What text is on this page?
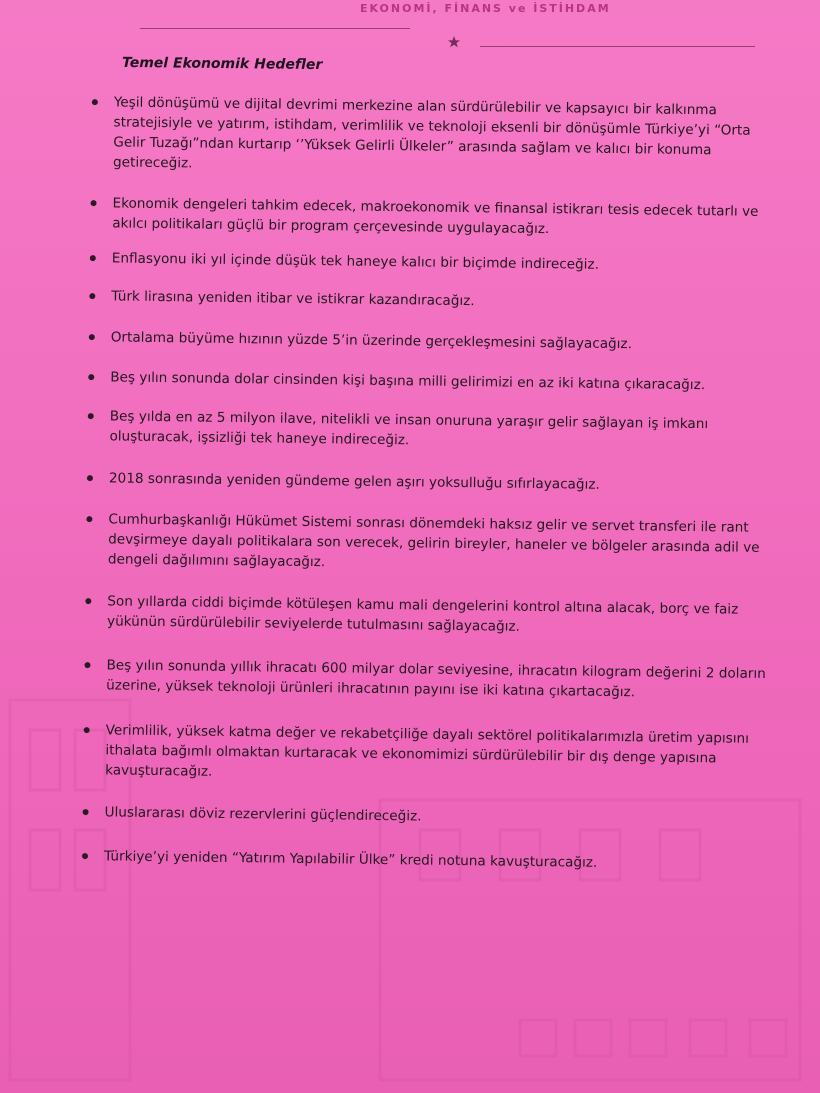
EKONOMİ, FİNANS ve İSTİHDAM
Temel Ekonomik Hedefler
Yeşil dönüşümü ve dijital devrimi merkezine alan sürdürülebilir ve kapsayıcı bir kalkınma stratejisiyle ve yatırım, istihdam, verimlilik ve teknoloji eksenli bir dönüşümle Türkiye’yi “Orta Gelir Tuzağı”ndan kurtarıp ‘’Yüksek Gelirli Ülkeler” arasında sağlam ve kalıcı bir konuma getireceğiz.
Ekonomik dengeleri tahkim edecek, makroekonomik ve finansal istikrarı tesis edecek tutarlı ve akılcı politikaları güçlü bir program çerçevesinde uygulayacağız.
Enflasyonu iki yıl içinde düşük tek haneye kalıcı bir biçimde indireceğiz.
Türk lirasına yeniden itibar ve istikrar kazandıracağız.
Ortalama büyüme hızının yüzde 5’in üzerinde gerçekleşmesini sağlayacağız.
Beş yılın sonunda dolar cinsinden kişi başına milli gelirimizi en az iki katına çıkaracağız.
Beş yılda en az 5 milyon ilave, nitelikli ve insan onuruna yaraşır gelir sağlayan iş imkanı oluşturacak, işsizliği tek haneye indireceğiz.
2018 sonrasında yeniden gündeme gelen aşırı yoksulluğu sıfırlayacağız.
Cumhurbaşkanlığı Hükümet Sistemi sonrası dönemdeki haksız gelir ve servet transferi ile rant devşirmeye dayalı politikalara son verecek, gelirin bireyler, haneler ve bölgeler arasında adil ve dengeli dağılımını sağlayacağız.
Son yıllarda ciddi biçimde kötüleşen kamu mali dengelerini kontrol altına alacak, borç ve faiz yükünün sürdürülebilir seviyelerde tutulmasını sağlayacağız.
Beş yılın sonunda yıllık ihracatı 600 milyar dolar seviyesine, ihracatın kilogram değerini 2 doların üzerine, yüksek teknoloji ürünleri ihracatının payını ise iki katına çıkartacağız.
Verimlilik, yüksek katma değer ve rekabetçiliğe dayalı sektörel politikalarımızla üretim yapısını ithalata bağımlı olmaktan kurtaracak ve ekonomimizi sürdürülebilir bir dış denge yapısına kavuşturacağız.
Uluslararası döviz rezervlerini güçlendireceğiz.
Türkiye’yi yeniden “Yatırım Yapılabilir Ülke” kredi notuna kavuşturacağız.
